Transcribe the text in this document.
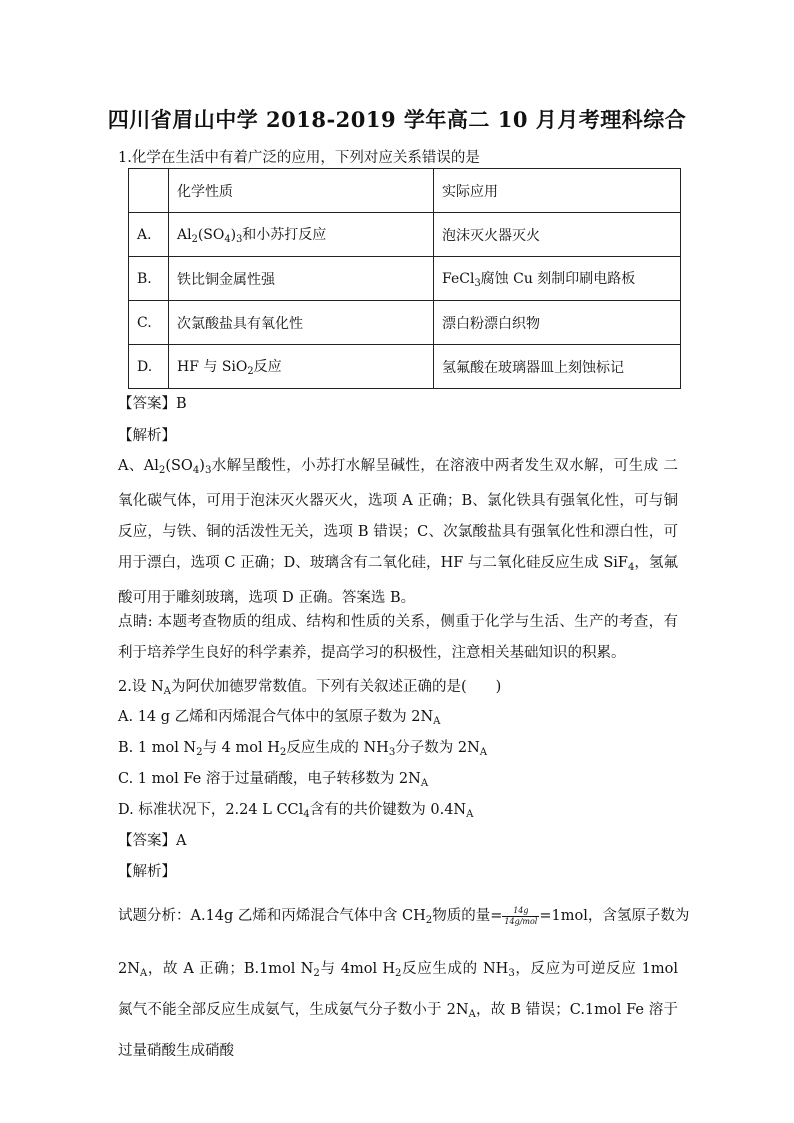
四川省眉山中学 2018-2019 学年高二 10 月月考理科综合
1.化学在生活中有着广泛的应用，下列对应关系错误的是
	化学性质	实际应用
A.	$Al_2(SO_4)_3$和小苏打反应	泡沫灭火器灭火
B.	铁比铜金属性强	FeCl$_3$腐蚀 Cu 刻制印刷电路板
C.	次氯酸盐具有氧化性	漂白粉漂白织物
D.	HF 与 SiO$_2$反应	氢氟酸在玻璃器皿上刻蚀标记
【答案】B
【解析】
A、$Al_2(SO_4)_3$水解呈酸性，小苏打水解呈碱性，在溶液中两者发生双水解，可生成 二氧化碳气体，可用于泡沫灭火器灭火，选项 A 正确；B、氯化铁具有强氧化性，可与铜反应，与铁、铜的活泼性无关，选项 B 错误；C、次氯酸盐具有强氧化性和漂白性，可用于漂白，选项 C 正确；D、玻璃含有二氧化硅，HF 与二氧化硅反应生成 SiF$_4$，氢氟酸可用于雕刻玻璃，选项 D 正确。答案选 B。
点睛: 本题考查物质的组成、结构和性质的关系，侧重于化学与生活、生产的考查，有利于培养学生良好的科学素养，提高学习的积极性，注意相关基础知识的积累。
2.设 $N_A$为阿伏加德罗常数值。下列有关叙述正确的是(　　)
A. 14 g 乙烯和丙烯混合气体中的氢原子数为 $2N_A$
B. 1 mol $N_2$与 4 mol $H_2$反应生成的 $NH_3$分子数为 $2N_A$
C. 1 mol Fe 溶于过量硝酸，电子转移数为 $2N_A$
D. 标准状况下，2.24 L CCl$_4$含有的共价键数为 $0.4N_A$
【答案】A
【解析】
试题分析：A.14g 乙烯和丙烯混合气体中含 $CH_2$物质的量= $\frac{14g}{\text{14g/mol}} =1mol$，含氢原子数为
$2N_A$，故 A 正确；B.1mol $N_2$与 4mol $H_2$反应生成的 $NH_3$，反应为可逆反应 1mol 氮气不能全部反应生成氨气，生成氨气分子数小于 $2N_A$，故 B 错误；C.1mol Fe 溶于过量硝酸生成硝酸
